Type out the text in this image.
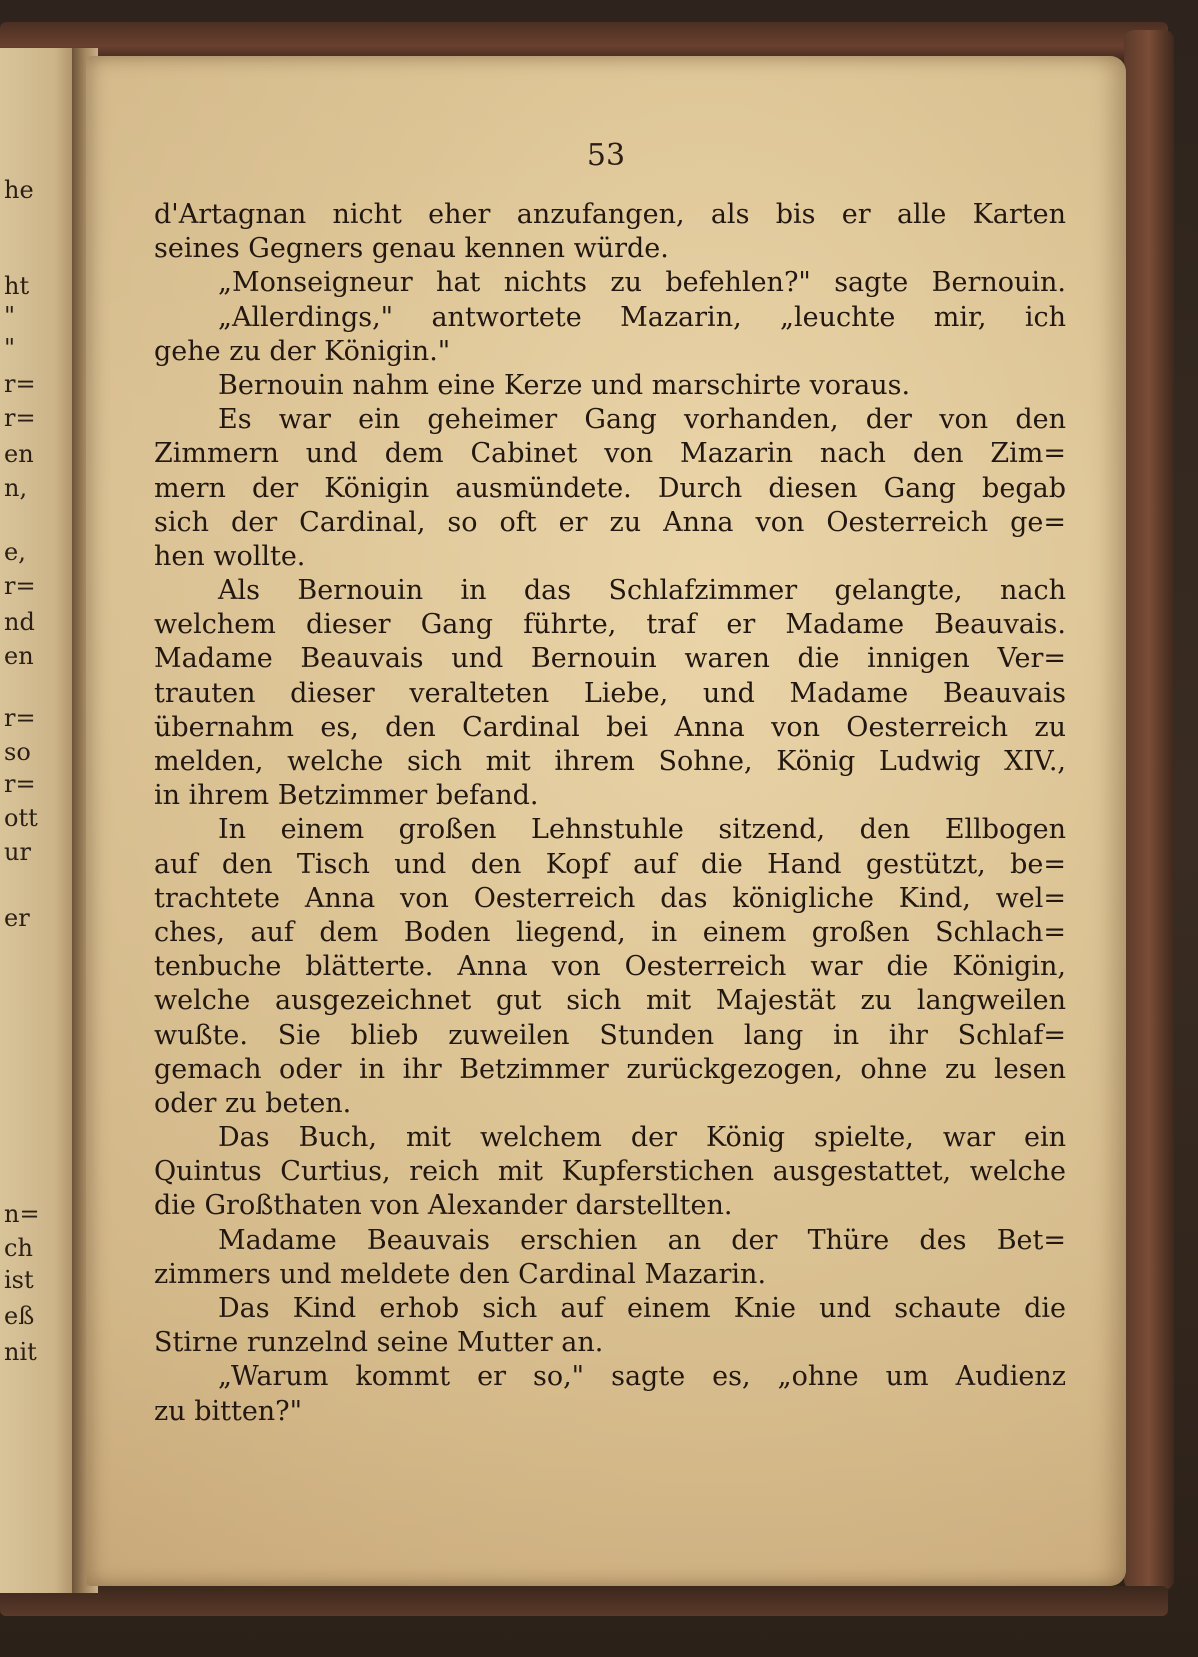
he
ht
"
"
r=
r=
en
n,
e,
r=
nd
en
r=
so
r=
ott
ur
er
n=
ch
ist
eß
nit
53
d'Artagnan nicht eher anzufangen, als bis er alle Karten
seines Gegners genau kennen würde.
„Monseigneur hat nichts zu befehlen?" sagte Bernouin.
„Allerdings," antwortete Mazarin, „leuchte mir, ich
gehe zu der Königin."
Bernouin nahm eine Kerze und marschirte voraus.
Es war ein geheimer Gang vorhanden, der von den
Zimmern und dem Cabinet von Mazarin nach den Zim=
mern der Königin ausmündete. Durch diesen Gang begab
sich der Cardinal, so oft er zu Anna von Oesterreich ge=
hen wollte.
Als Bernouin in das Schlafzimmer gelangte, nach
welchem dieser Gang führte, traf er Madame Beauvais.
Madame Beauvais und Bernouin waren die innigen Ver=
trauten dieser veralteten Liebe, und Madame Beauvais
übernahm es, den Cardinal bei Anna von Oesterreich zu
melden, welche sich mit ihrem Sohne, König Ludwig XIV.,
in ihrem Betzimmer befand.
In einem großen Lehnstuhle sitzend, den Ellbogen
auf den Tisch und den Kopf auf die Hand gestützt, be=
trachtete Anna von Oesterreich das königliche Kind, wel=
ches, auf dem Boden liegend, in einem großen Schlach=
tenbuche blätterte. Anna von Oesterreich war die Königin,
welche ausgezeichnet gut sich mit Majestät zu langweilen
wußte. Sie blieb zuweilen Stunden lang in ihr Schlaf=
gemach oder in ihr Betzimmer zurückgezogen, ohne zu lesen
oder zu beten.
Das Buch, mit welchem der König spielte, war ein
Quintus Curtius, reich mit Kupferstichen ausgestattet, welche
die Großthaten von Alexander darstellten.
Madame Beauvais erschien an der Thüre des Bet=
zimmers und meldete den Cardinal Mazarin.
Das Kind erhob sich auf einem Knie und schaute die
Stirne runzelnd seine Mutter an.
„Warum kommt er so," sagte es, „ohne um Audienz
zu bitten?"
